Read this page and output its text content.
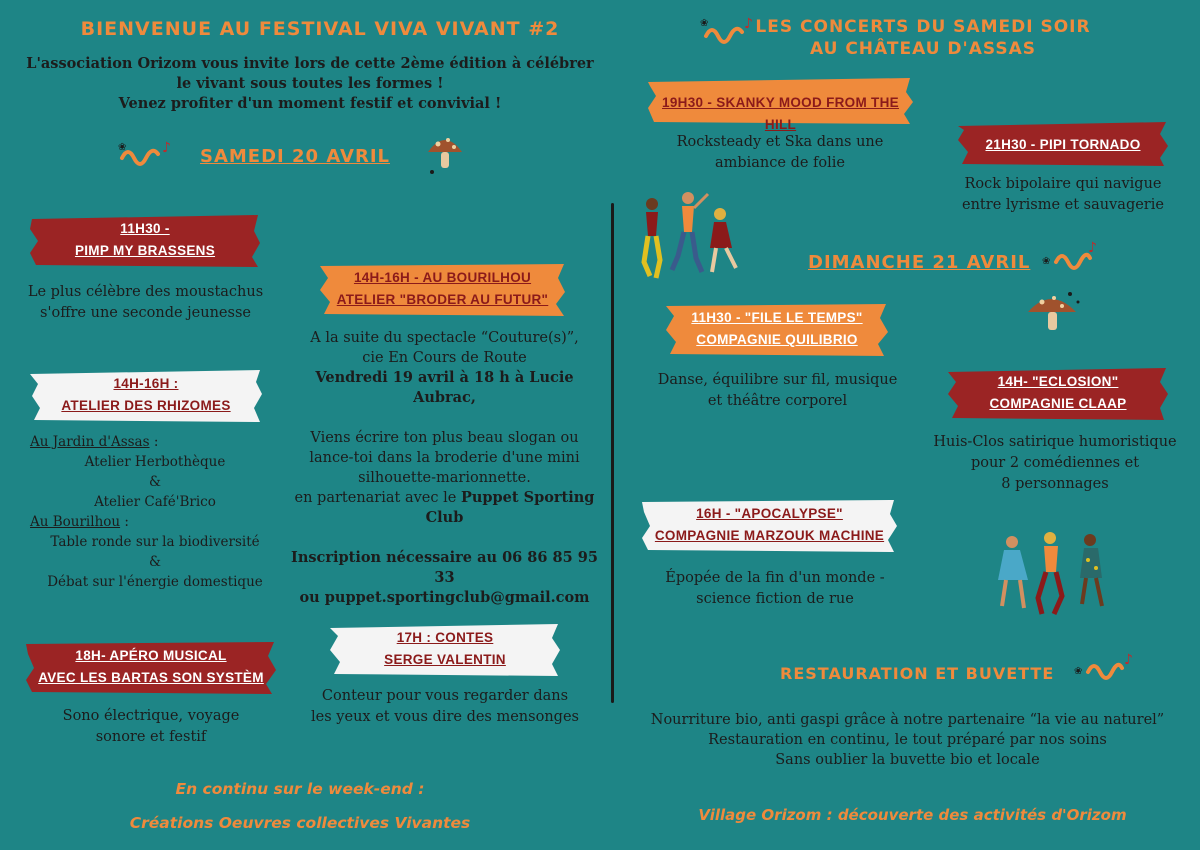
BIENVENUE AU FESTIVAL VIVA VIVANT #2
L'association Orizom vous invite lors de cette 2ème édition à célébrer
le vivant sous toutes les formes !
Venez profiter d'un moment festif et convivial !
♪
❀	SAMEDI 20 AVRIL
11H30 -
PIMP MY BRASSENS
Le plus célèbre des moustachus
s'offre une seconde jeunesse
14H-16H - AU BOURILHOU
ATELIER "BRODER AU FUTUR"
A la suite du spectacle “Couture(s)”,
cie En Cours de Route
Vendredi 19 avril à 18 h à Lucie Aubrac,
Viens écrire ton plus beau slogan ou
lance-toi dans la broderie d'une mini
silhouette-marionnette.
en partenariat avec le Puppet Sporting
Club
Inscription nécessaire au 06 86 85 95 33
ou puppet.sportingclub@gmail.com
14H-16H :
ATELIER DES RHIZOMES
Au Jardin d'Assas :
Atelier Herbothèque
&
Atelier Café'Brico
Au Bourilhou :
Table ronde sur la biodiversité
&
Débat sur l'énergie domestique
18H- APÉRO MUSICAL
AVEC LES BARTAS SON SYSTÈM
Sono électrique, voyage
sonore et festif
17H : CONTES
SERGE VALENTIN
Conteur pour vous regarder dans
les yeux et vous dire des mensonges
En continu sur le week-end :
Créations Oeuvres collectives Vivantes
♪
❀	LES CONCERTS DU SAMEDI SOIR
AU CHÂTEAU D'ASSAS
19H30 - SKANKY MOOD FROM THE HILL
Rocksteady et Ska dans une
ambiance de folie
21H30 - PIPI TORNADO
Rock bipolaire qui navigue
entre lyrisme et sauvagerie
DIMANCHE 21 AVRIL ❀
♪
11H30 - "FILE LE TEMPS"
COMPAGNIE QUILIBRIO
Danse, équilibre sur fil, musique
et théâtre corporel
14H- "ECLOSION"
COMPAGNIE CLAAP
Huis-Clos satirique humoristique
pour 2 comédiennes et
8 personnages
16H - "APOCALYPSE"
COMPAGNIE MARZOUK MACHINE
Épopée de la fin d'un monde -
science fiction de rue
RESTAURATION ET BUVETTE ❀
♪
Nourriture bio, anti gaspi grâce à notre partenaire “la vie au naturel”
Restauration en continu, le tout préparé par nos soins
Sans oublier la buvette bio et locale
Village Orizom : découverte des activités d'Orizom
